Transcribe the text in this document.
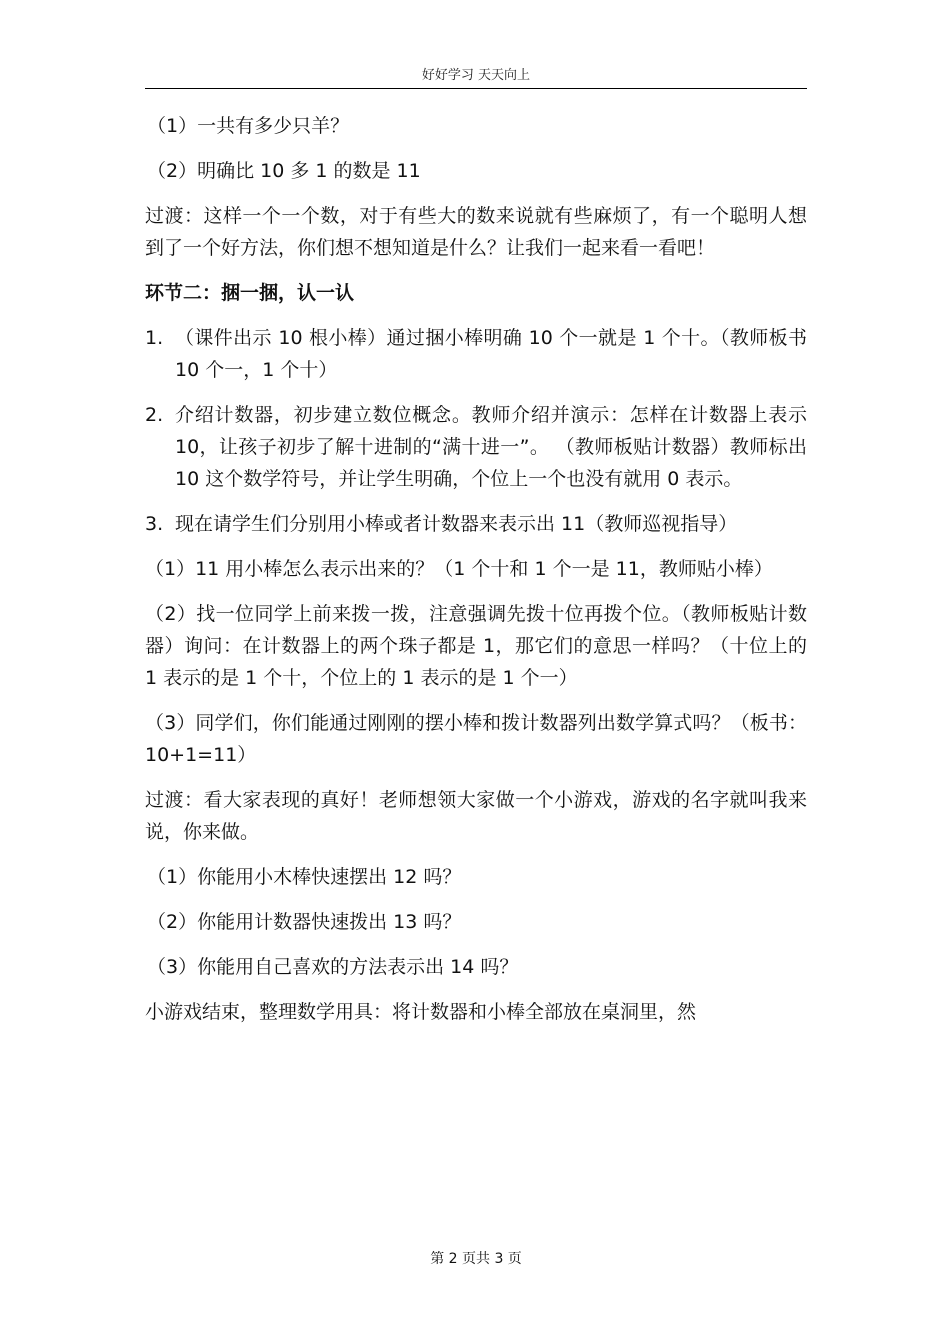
好好学习 天天向上

（1）一共有多少只羊？

（2）明确比 10 多 1 的数是 11

过渡：这样一个一个数，对于有些大的数来说就有些麻烦了，有一个聪明人想到了一个好方法，你们想不想知道是什么？让我们一起来看一看吧！

环节二：捆一捆，认一认

1. （课件出示 10 根小棒）通过捆小棒明确 10 个一就是 1 个十。（教师板书 10 个一，1 个十）
2. 介绍计数器，初步建立数位概念。教师介绍并演示：怎样在计数器上表示 10，让孩子初步了解十进制的“满十进一”。 （教师板贴计数器）教师标出 10 这个数学符号，并让学生明确，个位上一个也没有就用 0 表示。
3. 现在请学生们分别用小棒或者计数器来表示出 11（教师巡视指导）

（1）11 用小棒怎么表示出来的？（1 个十和 1 个一是 11，教师贴小棒）

（2）找一位同学上前来拨一拨，注意强调先拨十位再拨个位。（教师板贴计数器）询问：在计数器上的两个珠子都是 1，那它们的意思一样吗？（十位上的 1 表示的是 1 个十，个位上的 1 表示的是 1 个一）

（3）同学们，你们能通过刚刚的摆小棒和拨计数器列出数学算式吗？（板书：10+1=11）

过渡：看大家表现的真好！老师想领大家做一个小游戏，游戏的名字就叫我来说，你来做。

（1）你能用小木棒快速摆出 12 吗？

（2）你能用计数器快速拨出 13 吗？

（3）你能用自己喜欢的方法表示出 14 吗？

小游戏结束，整理数学用具：将计数器和小棒全部放在桌洞里，然

第 2 页共 3 页
